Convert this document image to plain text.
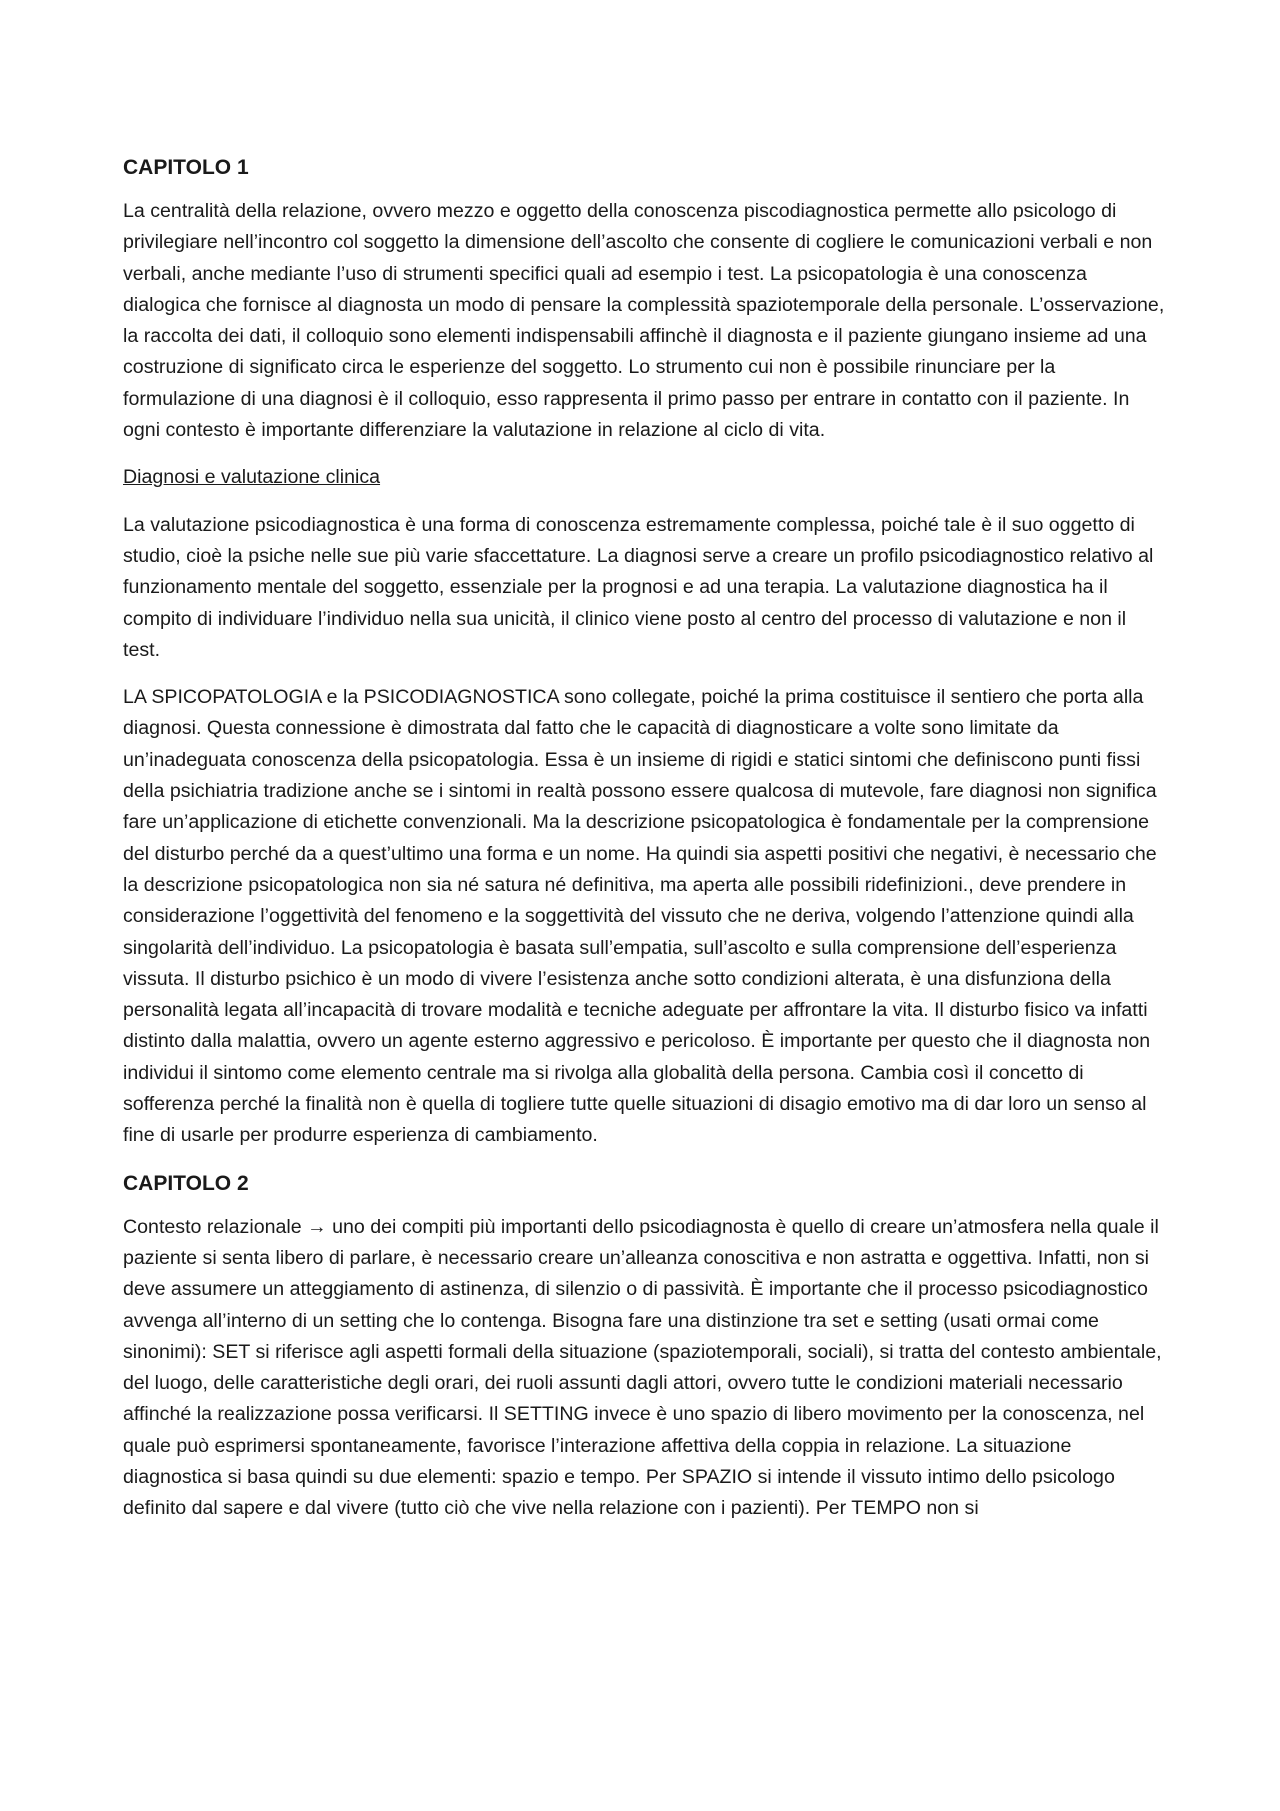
CAPITOLO 1

La centralità della relazione, ovvero mezzo e oggetto della conoscenza piscodiagnostica permette allo psicologo di privilegiare nell’incontro col soggetto la dimensione dell’ascolto che consente di cogliere le comunicazioni verbali e non verbali, anche mediante l’uso di strumenti specifici quali ad esempio i test. La psicopatologia è una conoscenza dialogica che fornisce al diagnosta un modo di pensare la complessità spaziotemporale della personale. L’osservazione, la raccolta dei dati, il colloquio sono elementi indispensabili affinchè il diagnosta e il paziente giungano insieme ad una costruzione di significato circa le esperienze del soggetto. Lo strumento cui non è possibile rinunciare per la formulazione di una diagnosi è il colloquio, esso rappresenta il primo passo per entrare in contatto con il paziente. In ogni contesto è importante differenziare la valutazione in relazione al ciclo di vita.

Diagnosi e valutazione clinica

La valutazione psicodiagnostica è una forma di conoscenza estremamente complessa, poiché tale è il suo oggetto di studio, cioè la psiche nelle sue più varie sfaccettature. La diagnosi serve a creare un profilo psicodiagnostico relativo al funzionamento mentale del soggetto, essenziale per la prognosi e ad una terapia. La valutazione diagnostica ha il compito di individuare l’individuo nella sua unicità, il clinico viene posto al centro del processo di valutazione e non il test.

LA SPICOPATOLOGIA e la PSICODIAGNOSTICA sono collegate, poiché la prima costituisce il sentiero che porta alla diagnosi. Questa connessione è dimostrata dal fatto che le capacità di diagnosticare a volte sono limitate da un’inadeguata conoscenza della psicopatologia. Essa è un insieme di rigidi e statici sintomi che definiscono punti fissi della psichiatria tradizione anche se i sintomi in realtà possono essere qualcosa di mutevole, fare diagnosi non significa fare un’applicazione di etichette convenzionali. Ma la descrizione psicopatologica è fondamentale per la comprensione del disturbo perché da a quest’ultimo una forma e un nome. Ha quindi sia aspetti positivi che negativi, è necessario che la descrizione psicopatologica non sia né satura né definitiva, ma aperta alle possibili ridefinizioni., deve prendere in considerazione l’oggettività del fenomeno e la soggettività del vissuto che ne deriva, volgendo l’attenzione quindi alla singolarità dell’individuo. La psicopatologia è basata sull’empatia, sull’ascolto e sulla comprensione dell’esperienza vissuta. Il disturbo psichico è un modo di vivere l’esistenza anche sotto condizioni alterata, è una disfunziona della personalità legata all’incapacità di trovare modalità e tecniche adeguate per affrontare la vita. Il disturbo fisico va infatti distinto dalla malattia, ovvero un agente esterno aggressivo e pericoloso. È importante per questo che il diagnosta non individui il sintomo come elemento centrale ma si rivolga alla globalità della persona. Cambia così il concetto di sofferenza perché la finalità non è quella di togliere tutte quelle situazioni di disagio emotivo ma di dar loro un senso al fine di usarle per produrre esperienza di cambiamento.

CAPITOLO 2

Contesto relazionale → uno dei compiti più importanti dello psicodiagnosta è quello di creare un’atmosfera nella quale il paziente si senta libero di parlare, è necessario creare un’alleanza conoscitiva e non astratta e oggettiva. Infatti, non si deve assumere un atteggiamento di astinenza, di silenzio o di passività. È importante che il processo psicodiagnostico avvenga all’interno di un setting che lo contenga. Bisogna fare una distinzione tra set e setting (usati ormai come sinonimi): SET si riferisce agli aspetti formali della situazione (spaziotemporali, sociali), si tratta del contesto ambientale, del luogo, delle caratteristiche degli orari, dei ruoli assunti dagli attori, ovvero tutte le condizioni materiali necessario affinché la realizzazione possa verificarsi. Il SETTING invece è uno spazio di libero movimento per la conoscenza, nel quale può esprimersi spontaneamente, favorisce l’interazione affettiva della coppia in relazione. La situazione diagnostica si basa quindi su due elementi: spazio e tempo. Per SPAZIO si intende il vissuto intimo dello psicologo definito dal sapere e dal vivere (tutto ciò che vive nella relazione con i pazienti). Per TEMPO non si
